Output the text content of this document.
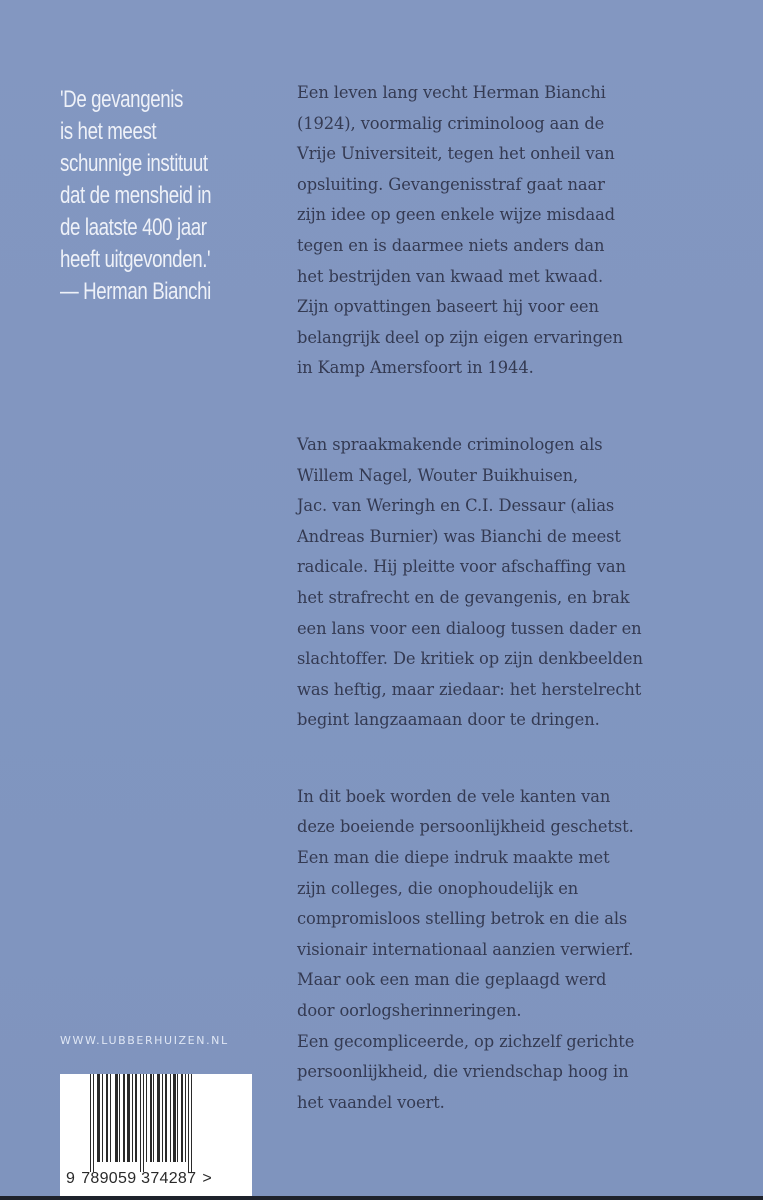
'De gevangenis
is het meest
schunnige instituut
dat de mensheid in
de laatste 400 jaar
heeft uitgevonden.'
— Herman Bianchi
Een leven lang vecht Herman Bianchi
(1924), voormalig criminoloog aan de
Vrije Universiteit, tegen het onheil van
opsluiting. Gevangenisstraf gaat naar
zijn idee op geen enkele wijze misdaad
tegen en is daarmee niets anders dan
het bestrijden van kwaad met kwaad.
Zijn opvattingen baseert hij voor een
belangrijk deel op zijn eigen ervaringen
in Kamp Amersfoort in 1944.
Van spraakmakende criminologen als
Willem Nagel, Wouter Buikhuisen,
Jac. van Weringh en C.I. Dessaur (alias
Andreas Burnier) was Bianchi de meest
radicale. Hij pleitte voor afschaffing van
het strafrecht en de gevangenis, en brak
een lans voor een dialoog tussen dader en
slachtoffer. De kritiek op zijn denkbeelden
was heftig, maar ziedaar: het herstelrecht
begint langzaamaan door te dringen.
In dit boek worden de vele kanten van
deze boeiende persoonlijkheid geschetst.
Een man die diepe indruk maakte met
zijn colleges, die onophoudelijk en
compromisloos stelling betrok en die als
visionair internationaal aanzien verwierf.
Maar ook een man die geplaagd werd
door oorlogsherinneringen.
Een gecompliceerde, op zichzelf gerichte
persoonlijkheid, die vriendschap hoog in
het vaandel voert.
WWW.LUBBERHUIZEN.NL
9 789059 374287 >
